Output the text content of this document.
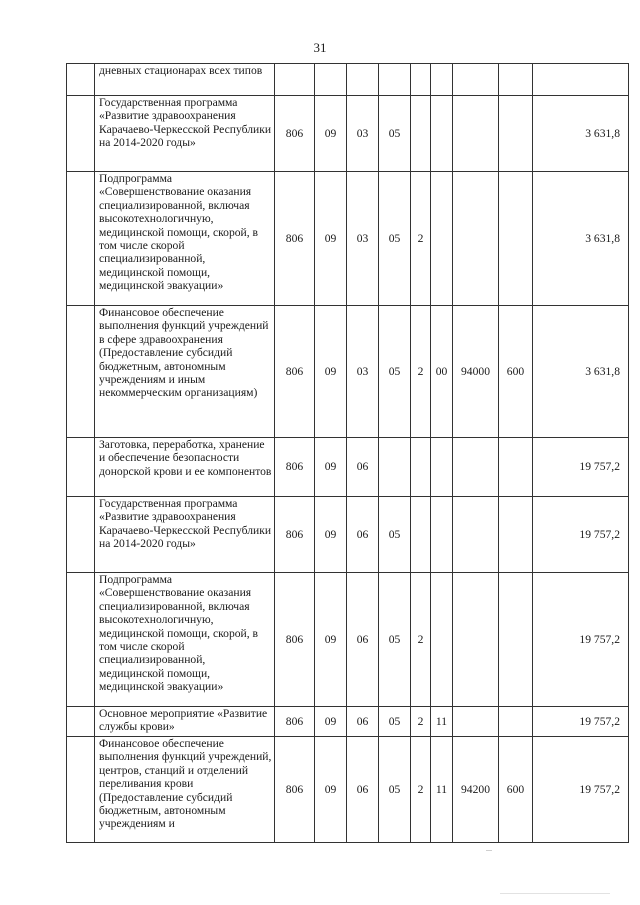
31
	дневных стационарах всех типов									
	Государственная программа «Развитие здравоохранения Карачаево-Черкесской Республики на 2014-2020 годы»	806	09	03	05					3 631,8
	Подпрограмма «Совершенствование оказания специализированной, включая высокотехнологичную, медицинской помощи, скорой, в том числе скорой специализированной, медицинской помощи, медицинской эвакуации»	806	09	03	05	2				3 631,8
	Финансовое обеспечение выполнения функций учреждений в сфере здравоохранения (Предоставление субсидий бюджетным, автономным учреждениям и иным некоммерческим организациям)	806	09	03	05	2	00	94000	600	3 631,8
	Заготовка, переработка, хранение и обеспечение безопасности донорской крови и ее компонентов	806	09	06						19 757,2
	Государственная программа «Развитие здравоохранения Карачаево-Черкесской Республики на 2014-2020 годы»	806	09	06	05					19 757,2
	Подпрограмма «Совершенствование оказания специализированной, включая высокотехнологичную, медицинской помощи, скорой, в том числе скорой специализированной, медицинской помощи, медицинской эвакуации»	806	09	06	05	2				19 757,2
	Основное мероприятие «Развитие службы крови»	806	09	06	05	2	11			19 757,2
	Финансовое обеспечение выполнения функций учреждений, центров, станций и отделений переливания крови (Предоставление субсидий бюджетным, автономным учреждениям и	806	09	06	05	2	11	94200	600	19 757,2
